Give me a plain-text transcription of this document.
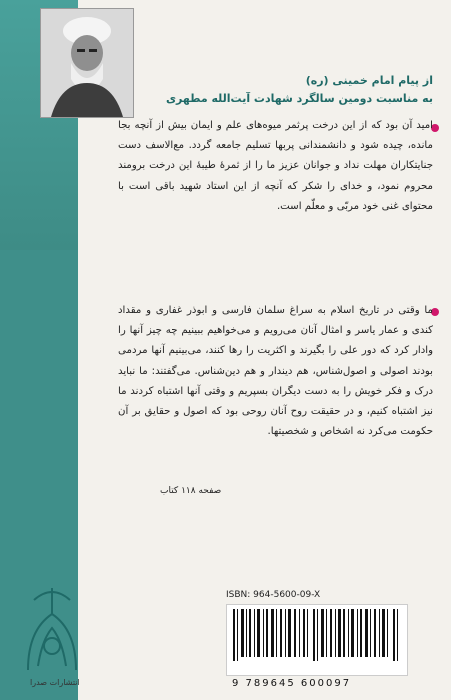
از پیام امام خمینی (ره)
به مناسبت دومین سالگرد شهادت آیت‌الله مطهری

امید آن بود که از این درخت پرثمر میوه‌های علم و ایمان بیش از آنچه بجا مانده، چیده شود و دانشمندانی پربها تسلیم جامعه گردد. مع‌الاسف دست جنایتکاران مهلت نداد و جوانان عزیز ما را از ثمرهٔ طیبهٔ این درخت برومند محروم نمود، و خدای را شکر که آنچه از این استاد شهید باقی است با محتوای غنی خود مربّی و معلّم است.

ما وقتی در تاریخ اسلام به سراغ سلمان فارسی و ابوذر غفاری و مقداد کندی و عمار یاسر و امثال آنان می‌رویم و می‌خواهیم ببینیم چه چیز آنها را وادار کرد که دور علی را بگیرند و اکثریت را رها کنند، می‌بینیم آنها مردمی بودند اصولی و اصول‌شناس، هم دیندار و هم دین‌شناس. می‌گفتند: ما نباید درک و فکر خویش را به دست دیگران بسپریم و وقتی آنها اشتباه کردند ما نیز اشتباه کنیم، و در حقیقت روح آنان روحی بود که اصول و حقایق بر آن حکومت می‌کرد نه اشخاص و شخصیتها.

صفحه ۱۱۸ کتاب
انتشارات صدرا
ISBN: 964-5600-09-X
9 789645 600097
